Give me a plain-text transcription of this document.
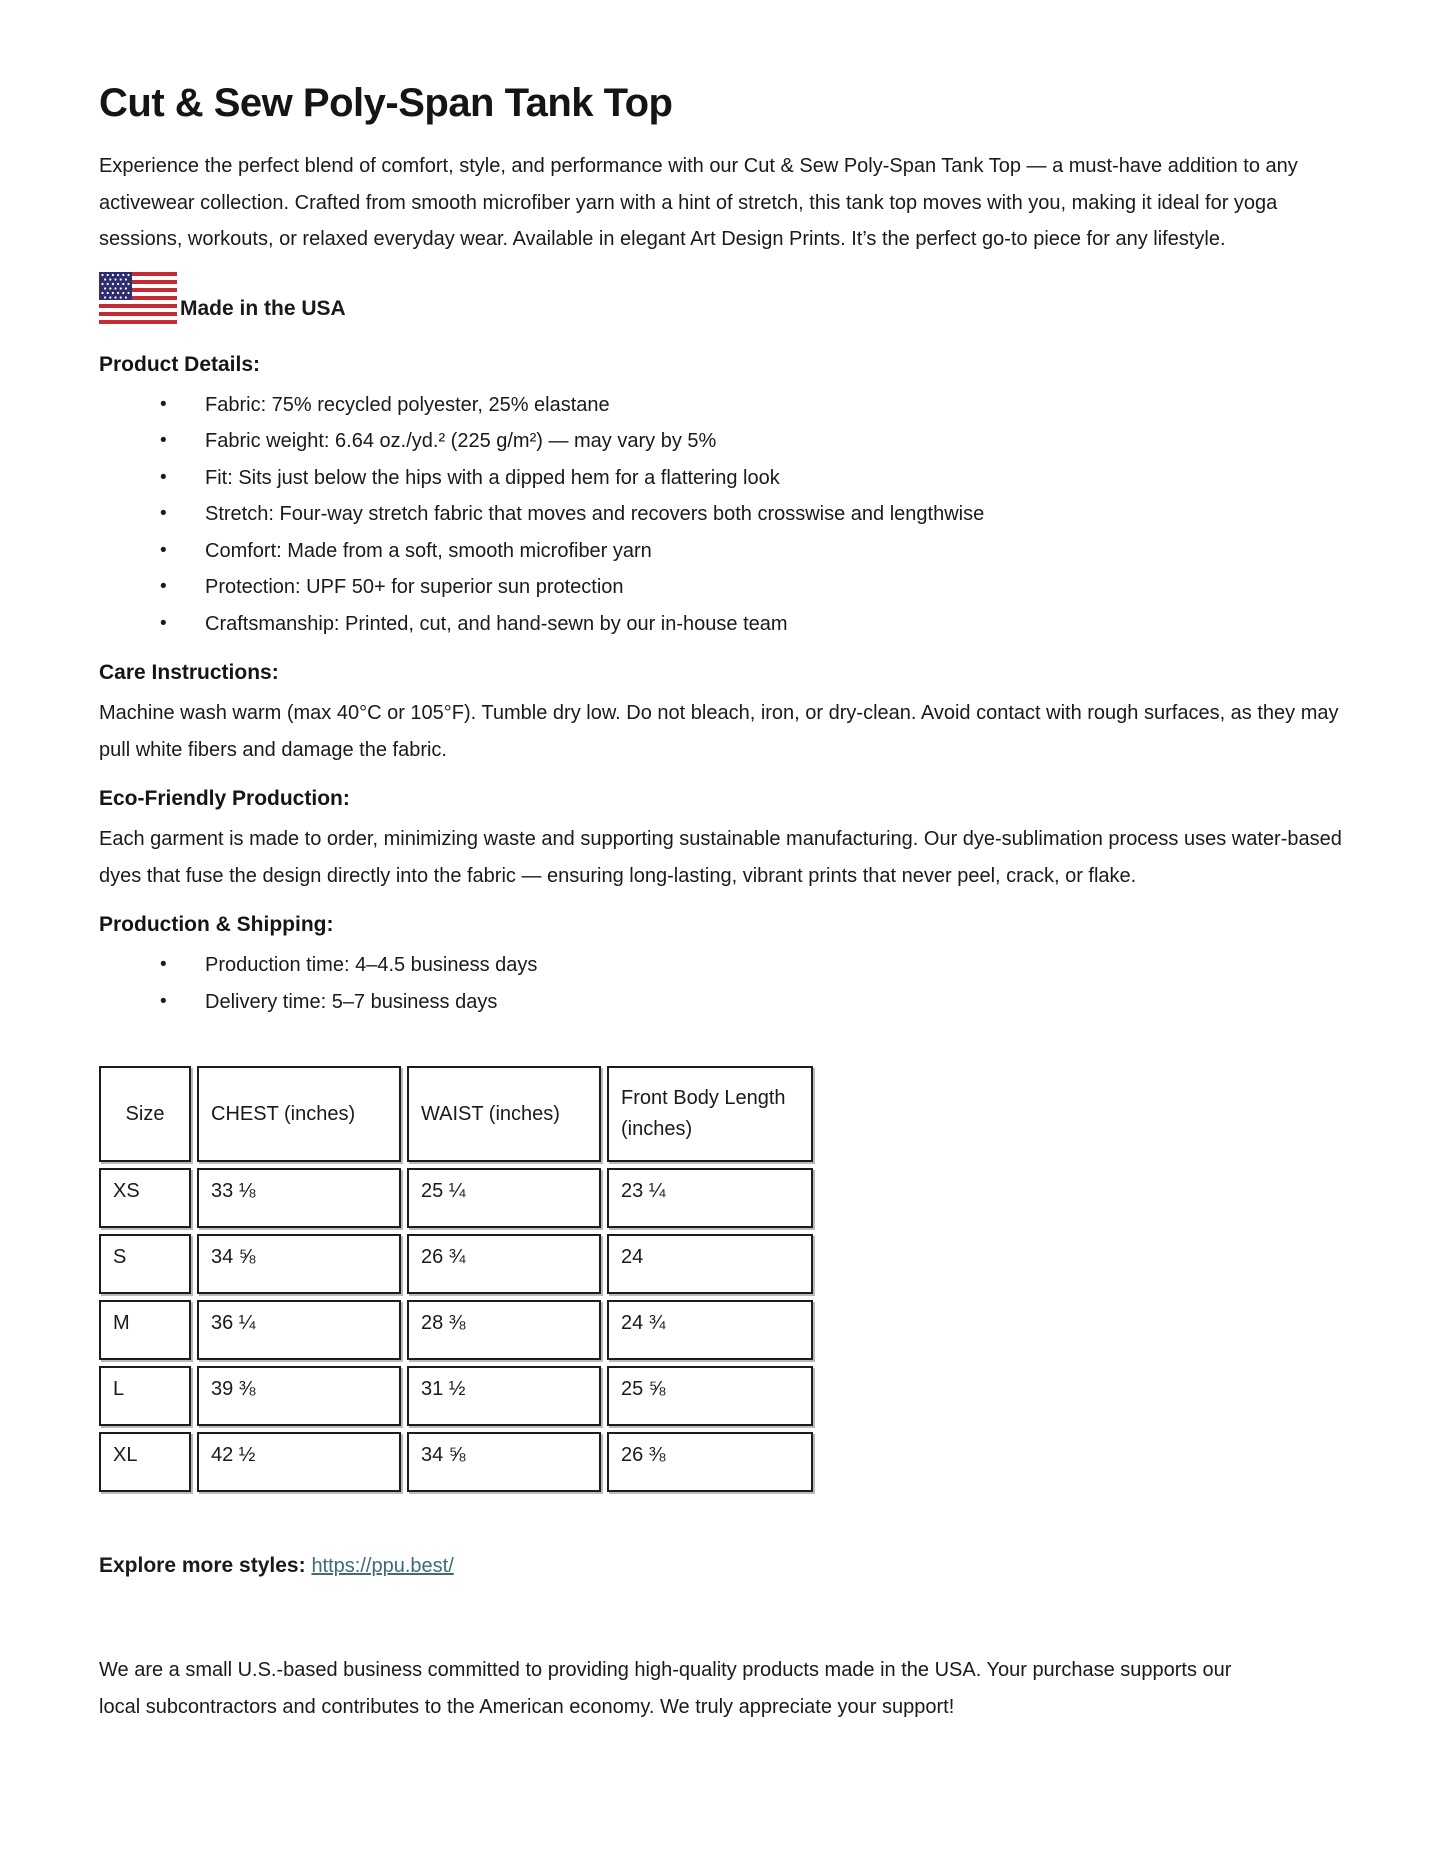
Cut & Sew Poly-Span Tank Top

Experience the perfect blend of comfort, style, and performance with our Cut & Sew Poly-Span Tank Top — a must-have addition to any activewear collection. Crafted from smooth microfiber yarn with a hint of stretch, this tank top moves with you, making it ideal for yoga sessions, workouts, or relaxed everyday wear. Available in elegant Art Design Prints. It’s the perfect go-to piece for any lifestyle.

Made in the USA
Product Details:
• Fabric: 75% recycled polyester, 25% elastane
• Fabric weight: 6.64 oz./yd.² (225 g/m²) — may vary by 5%
• Fit: Sits just below the hips with a dipped hem for a flattering look
• Stretch: Four-way stretch fabric that moves and recovers both crosswise and lengthwise
• Comfort: Made from a soft, smooth microfiber yarn
• Protection: UPF 50+ for superior sun protection
• Craftsmanship: Printed, cut, and hand-sewn by our in-house team
Care Instructions:

Machine wash warm (max 40°C or 105°F). Tumble dry low. Do not bleach, iron, or dry-clean. Avoid contact with rough surfaces, as they may pull white fibers and damage the fabric.

Eco-Friendly Production:

Each garment is made to order, minimizing waste and supporting sustainable manufacturing. Our dye-sublimation process uses water-based dyes that fuse the design directly into the fabric — ensuring long-lasting, vibrant prints that never peel, crack, or flake.

Production & Shipping:
• Production time: 4–4.5 business days
• Delivery time: 5–7 business days
Size	CHEST (inches)	WAIST (inches)	Front Body Length (inches)
XS	33 ⅛	25 ¼	23 ¼
S	34 ⅝	26 ¾	24
M	36 ¼	28 ⅜	24 ¾
L	39 ⅜	31 ½	25 ⅝
XL	42 ½	34 ⅝	26 ⅜
Explore more styles: https://ppu.best/

We are a small U.S.-based business committed to providing high-quality products made in the USA. Your purchase supports our local subcontractors and contributes to the American economy. We truly appreciate your support!
